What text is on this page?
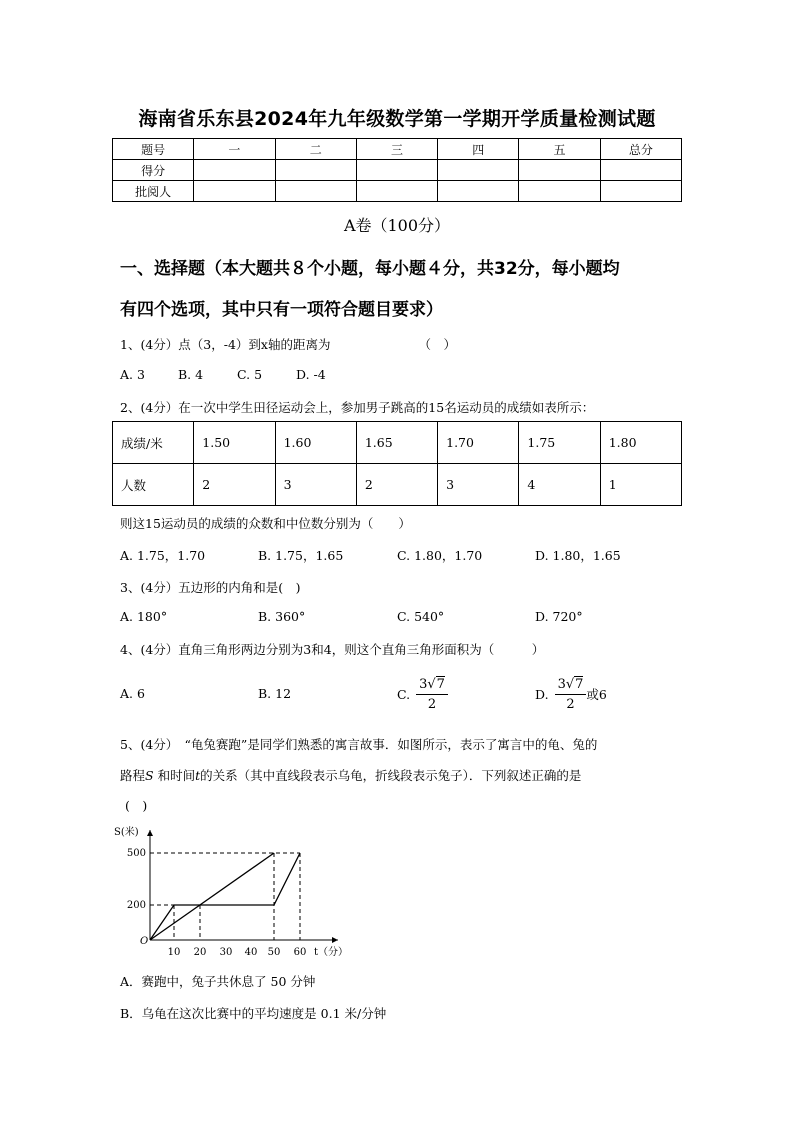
海南省乐东县2024年九年级数学第一学期开学质量检测试题
题号	一	二	三	四	五	总分
得分						
批阅人						
A卷（100分）
一、选择题（本大题共８个小题，每小题４分，共32分，每小题均
有四个选项，其中只有一项符合题目要求）
1、(4分）点（3，-4）到x轴的距离为	（　）
A. 3	B. 4	C. 5	D. -4
2、(4分）在一次中学生田径运动会上，参加男子跳高的15名运动员的成绩如表所示：
成绩/米	1.50	1.60	1.65	1.70	1.75	1.80
人数	2	3	2	3	4	1
则这15运动员的成绩的众数和中位数分别为（　　）
A. 1.75，1.70	B. 1.75，1.65	C. 1.80，1.70	D. 1.80，1.65
3、(4分）五边形的内角和是(　)
A. 180°	B. 360°	C. 540°	D. 720°
4、(4分）直角三角形两边分别为3和4，则这个直角三角形面积为（　　　）
A. 6	B. 12	C. $\frac{3√7}{2}$	D. $\frac{3√7}{2}$ 或6
5、(4分）　“龟兔赛跑”是同学们熟悉的寓言故事．如图所示，表示了寓言中的龟、兔的
路程S 和时间t的关系（其中直线段表示乌龟，折线段表示兔子）．下列叙述正确的是
(　)
S(米)
500
200
O
10 20 30 40 50 60 t（分）
A．赛跑中，兔子共休息了 50 分钟
B．乌龟在这次比赛中的平均速度是 0.1 米/分钟
